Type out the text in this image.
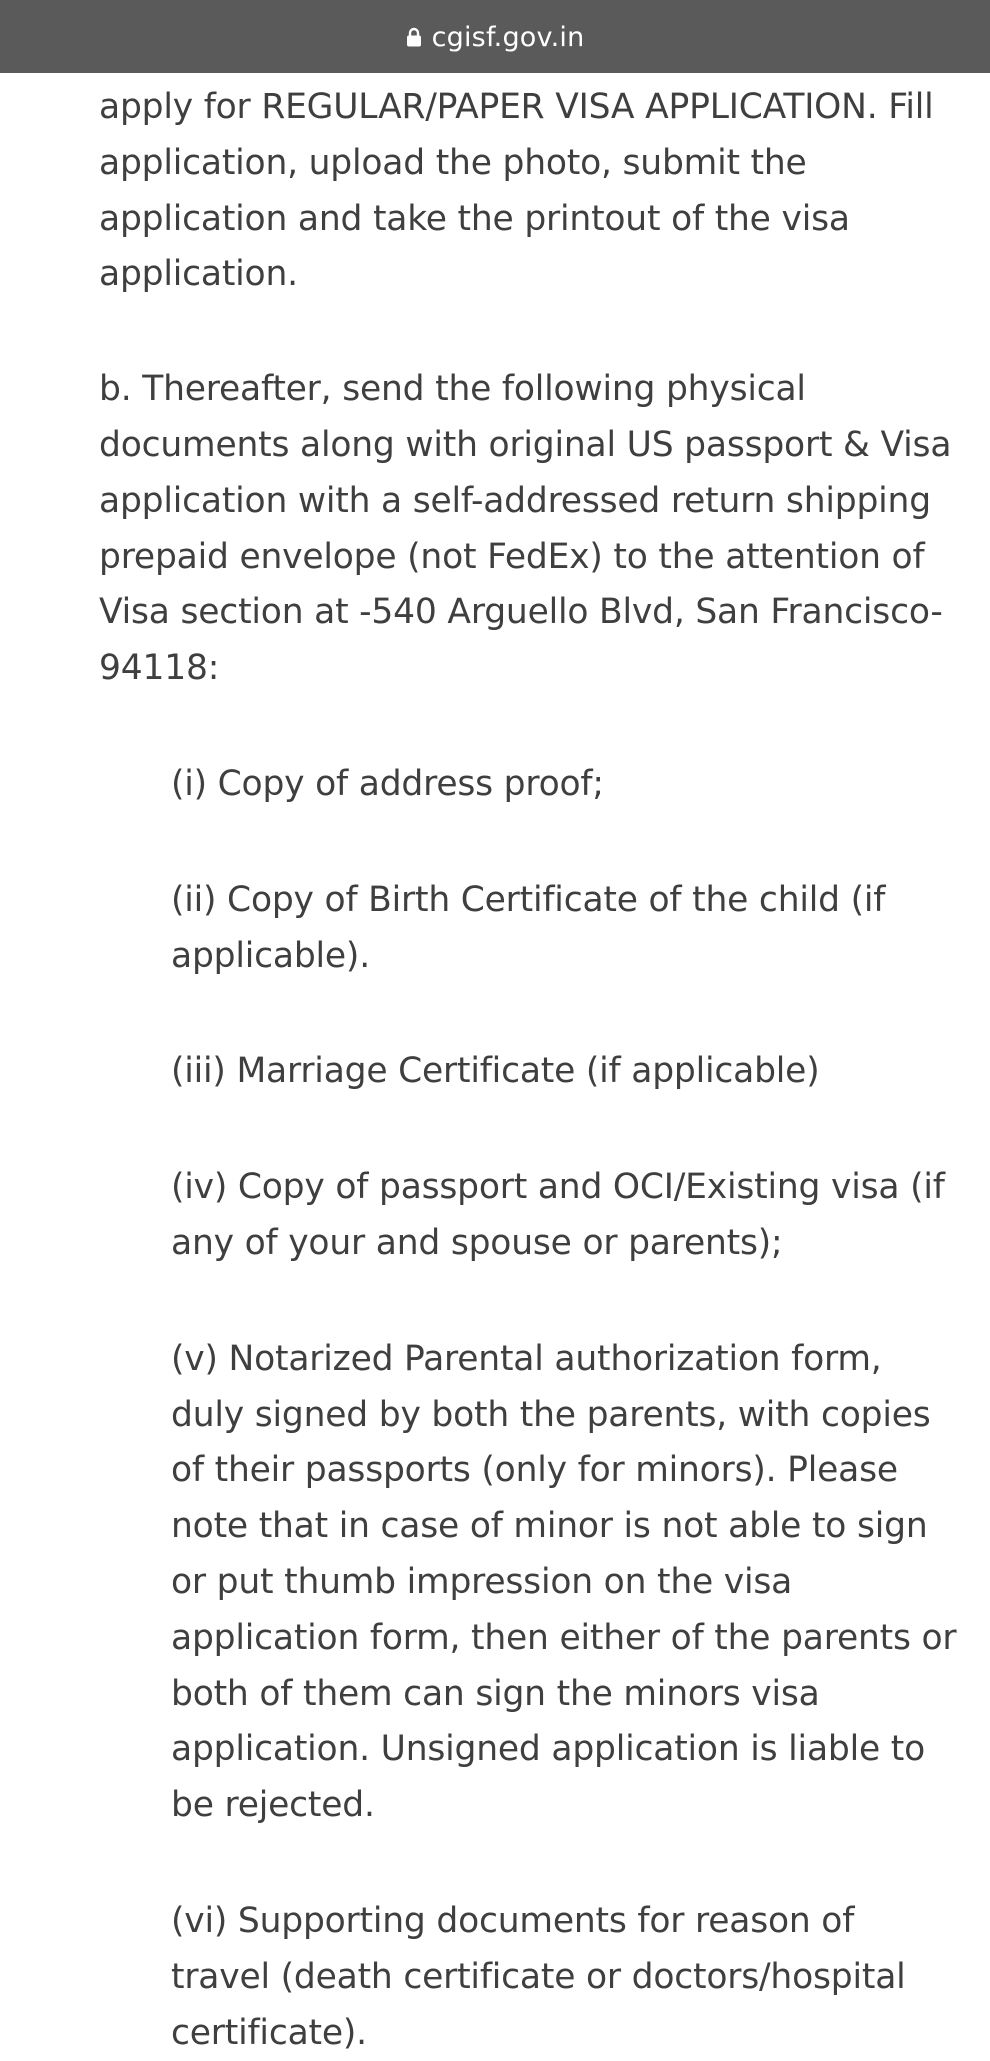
cgisf.gov.in

apply for REGULAR/PAPER VISA APPLICATION. Fill application, upload the photo, submit the application and take the printout of the visa application.

b. Thereafter, send the following physical documents along with original US passport & Visa application with a self-addressed return shipping prepaid envelope (not FedEx) to the attention of Visa section at -540 Arguello Blvd, San Francisco- 94118:

(i) Copy of address proof;

(ii) Copy of Birth Certificate of the child (if applicable).

(iii) Marriage Certificate (if applicable)

(iv) Copy of passport and OCI/Existing visa (if any of your and spouse or parents);

(v) Notarized Parental authorization form, duly signed by both the parents, with copies of their passports (only for minors). Please note that in case of minor is not able to sign or put thumb impression on the visa application form, then either of the parents or both of them can sign the minors visa application. Unsigned application is liable to be rejected.

(vi) Supporting documents for reason of travel (death certificate or doctors/hospital certificate).
